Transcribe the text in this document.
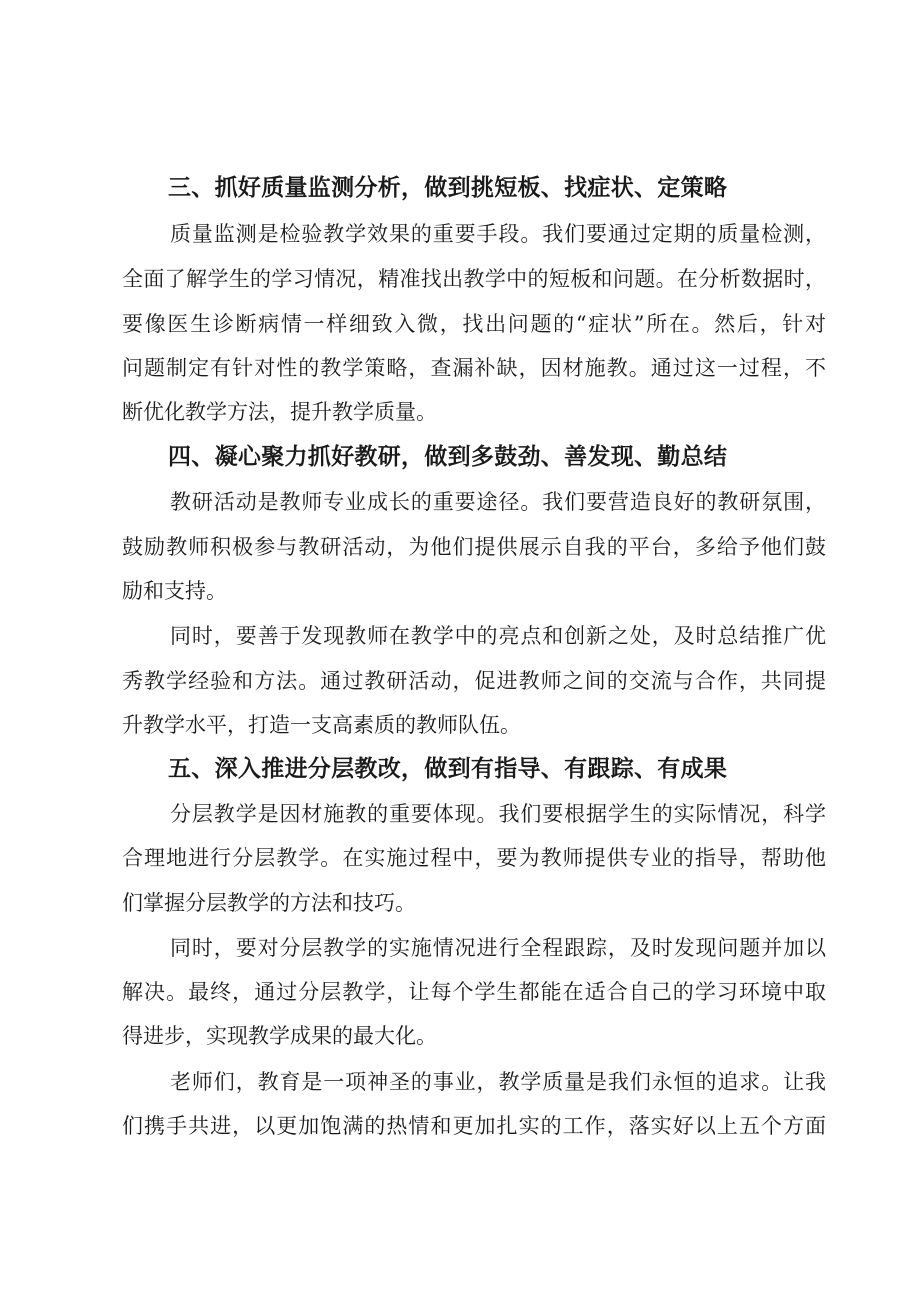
三、抓好质量监测分析，做到挑短板、找症状、定策略
质量监测是检验教学效果的重要手段。我们要通过定期的质量检测，
全面了解学生的学习情况，精准找出教学中的短板和问题。在分析数据时，
要像医生诊断病情一样细致入微，找出问题的“症状”所在。然后，针对
问题制定有针对性的教学策略，查漏补缺，因材施教。通过这一过程，不
断优化教学方法，提升教学质量。
四、凝心聚力抓好教研，做到多鼓劲、善发现、勤总结
教研活动是教师专业成长的重要途径。我们要营造良好的教研氛围，
鼓励教师积极参与教研活动，为他们提供展示自我的平台，多给予他们鼓
励和支持。
同时，要善于发现教师在教学中的亮点和创新之处，及时总结推广优
秀教学经验和方法。通过教研活动，促进教师之间的交流与合作，共同提
升教学水平，打造一支高素质的教师队伍。
五、深入推进分层教改，做到有指导、有跟踪、有成果
分层教学是因材施教的重要体现。我们要根据学生的实际情况，科学
合理地进行分层教学。在实施过程中，要为教师提供专业的指导，帮助他
们掌握分层教学的方法和技巧。
同时，要对分层教学的实施情况进行全程跟踪，及时发现问题并加以
解决。最终，通过分层教学，让每个学生都能在适合自己的学习环境中取
得进步，实现教学成果的最大化。
老师们，教育是一项神圣的事业，教学质量是我们永恒的追求。让我
们携手共进，以更加饱满的热情和更加扎实的工作，落实好以上五个方面
